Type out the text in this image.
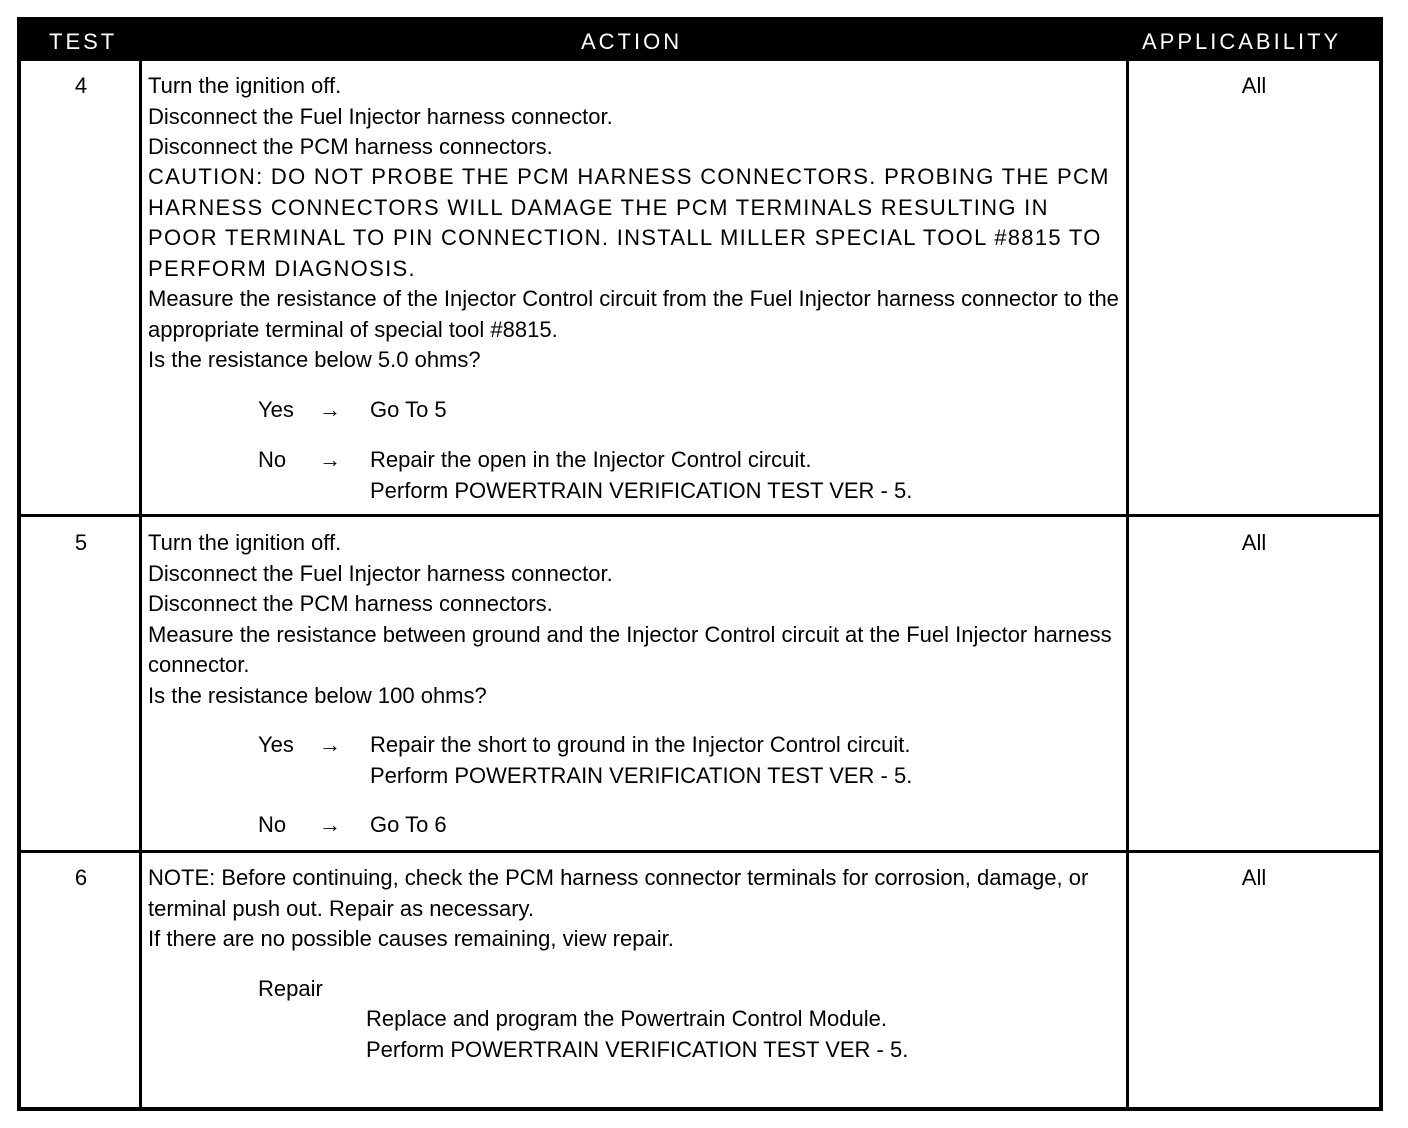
TEST	ACTION	APPLICABILITY
4	Turn the ignition off.
Disconnect the Fuel Injector harness connector.
Disconnect the PCM harness connectors.
CAUTION: DO NOT PROBE THE PCM HARNESS CONNECTORS. PROBING THE PCM HARNESS CONNECTORS WILL DAMAGE THE PCM TERMINALS RESULTING IN POOR TERMINAL TO PIN CONNECTION. INSTALL MILLER SPECIAL TOOL #8815 TO PERFORM DIAGNOSIS.
Measure the resistance of the Injector Control circuit from the Fuel Injector harness connector to the appropriate terminal of special tool #8815.
Is the resistance below 5.0 ohms?
Yes → Go To 5
No → Repair the open in the Injector Control circuit.
Perform POWERTRAIN VERIFICATION TEST VER - 5.
All
5	Turn the ignition off.
Disconnect the Fuel Injector harness connector.
Disconnect the PCM harness connectors.
Measure the resistance between ground and the Injector Control circuit at the Fuel Injector harness connector.
Is the resistance below 100 ohms?
Yes → Repair the short to ground in the Injector Control circuit.
Perform POWERTRAIN VERIFICATION TEST VER - 5.
No → Go To 6
All
6	NOTE: Before continuing, check the PCM harness connector terminals for corrosion, damage, or terminal push out. Repair as necessary.
If there are no possible causes remaining, view repair.
Repair
Replace and program the Powertrain Control Module.
Perform POWERTRAIN VERIFICATION TEST VER - 5.
All
